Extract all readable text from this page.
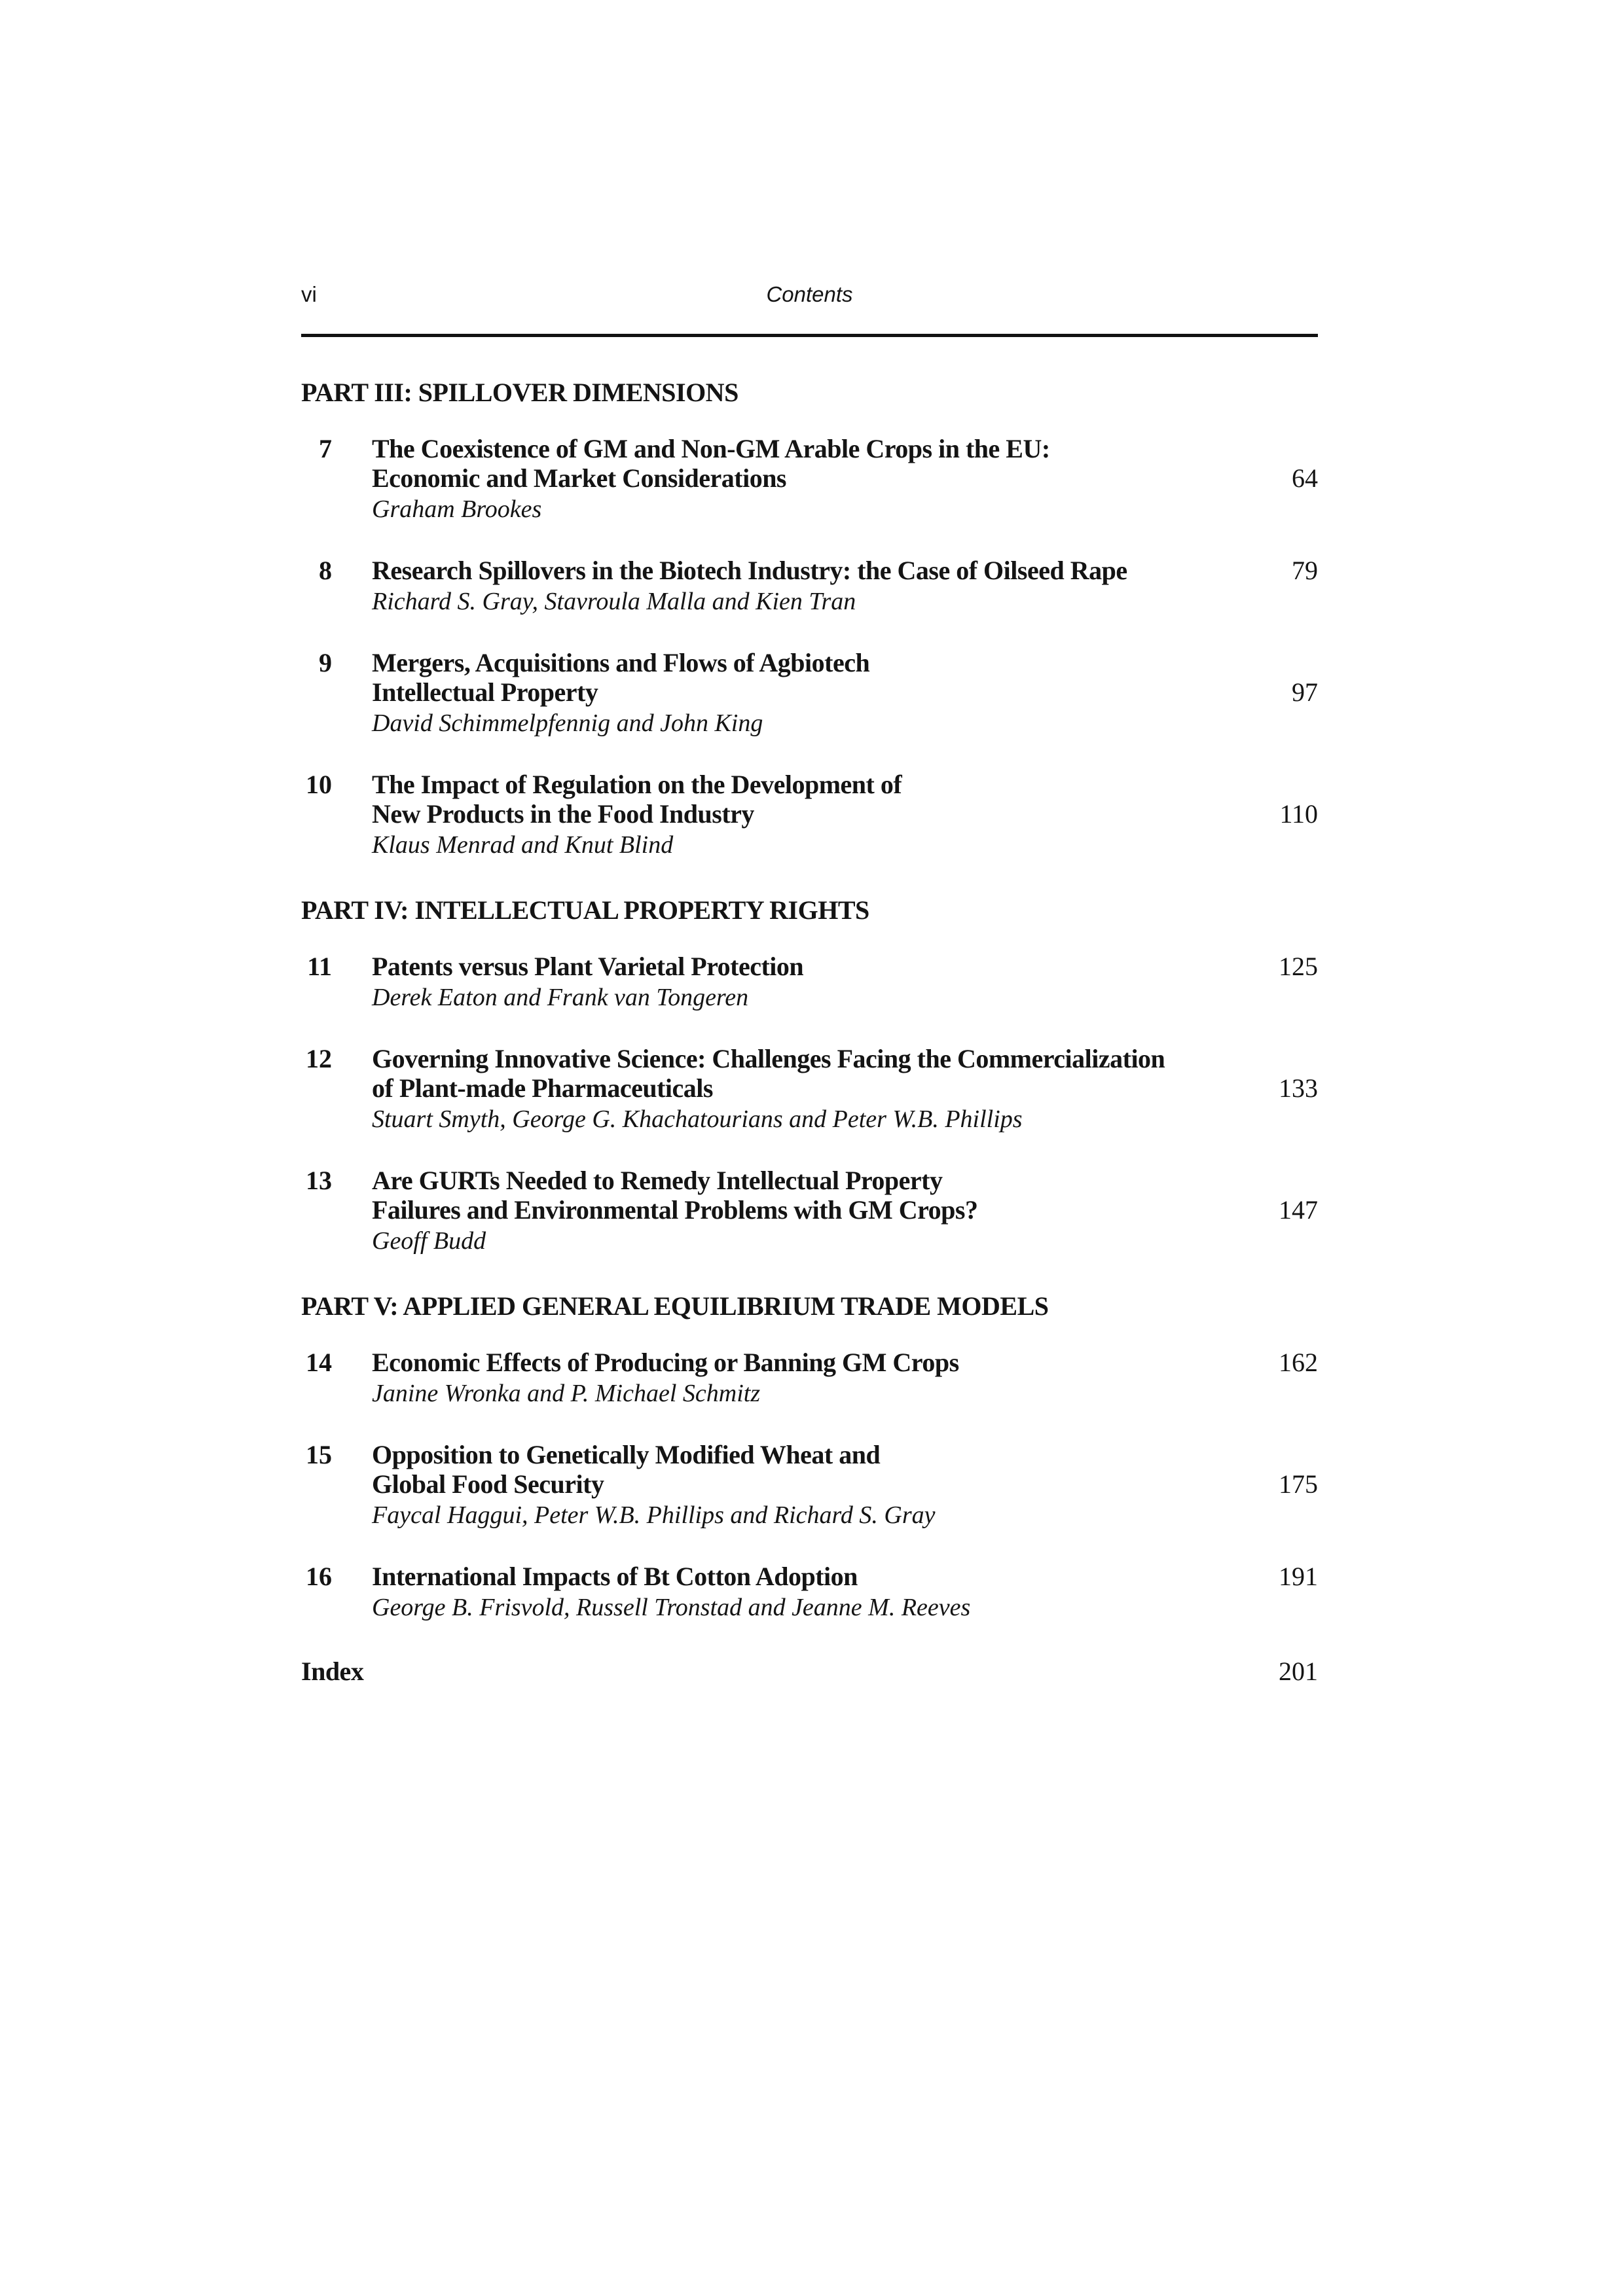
vi	Contents
PART III: SPILLOVER DIMENSIONS
7 The Coexistence of GM and Non-GM Arable Crops in the EU:
Economic and Market Considerations	64
Graham Brookes
8 Research Spillovers in the Biotech Industry: the Case of Oilseed Rape	79
Richard S. Gray, Stavroula Malla and Kien Tran
9 Mergers, Acquisitions and Flows of Agbiotech
Intellectual Property	97
David Schimmelpfennig and John King
10 The Impact of Regulation on the Development of
New Products in the Food Industry	110
Klaus Menrad and Knut Blind
PART IV: INTELLECTUAL PROPERTY RIGHTS
11 Patents versus Plant Varietal Protection	125
Derek Eaton and Frank van Tongeren
12 Governing Innovative Science: Challenges Facing the Commercialization
of Plant-made Pharmaceuticals	133
Stuart Smyth, George G. Khachatourians and Peter W.B. Phillips
13 Are GURTs Needed to Remedy Intellectual Property
Failures and Environmental Problems with GM Crops?	147
Geoff Budd
PART V: APPLIED GENERAL EQUILIBRIUM TRADE MODELS
14 Economic Effects of Producing or Banning GM Crops	162
Janine Wronka and P. Michael Schmitz
15 Opposition to Genetically Modified Wheat and
Global Food Security	175
Faycal Haggui, Peter W.B. Phillips and Richard S. Gray
16 International Impacts of Bt Cotton Adoption	191
George B. Frisvold, Russell Tronstad and Jeanne M. Reeves
Index	201
